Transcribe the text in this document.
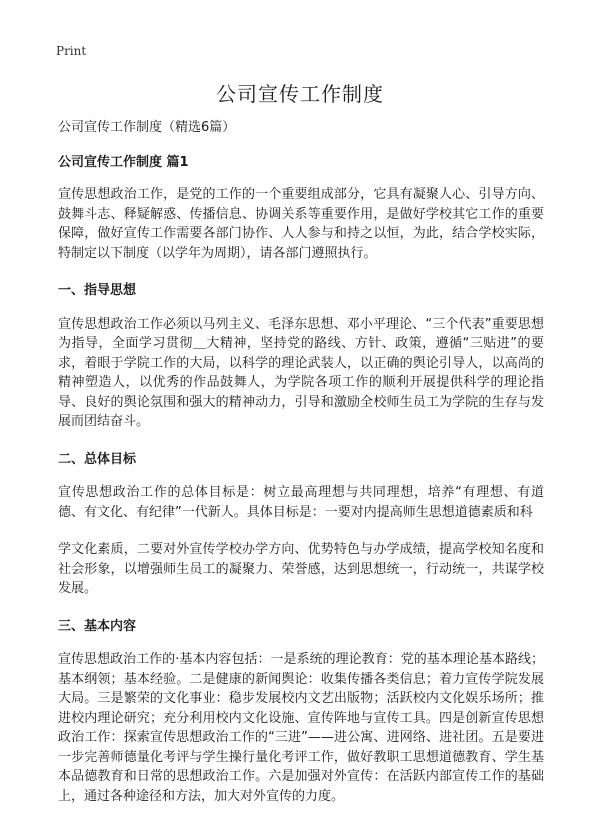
Print
公司宣传工作制度

公司宣传工作制度（精选6篇）

公司宣传工作制度 篇1

宣传思想政治工作，是党的工作的一个重要组成部分，它具有凝聚人心、引导方向、鼓舞斗志、释疑解惑、传播信息、协调关系等重要作用，是做好学校其它工作的重要保障，做好宣传工作需要各部门协作、人人参与和持之以恒，为此，结合学校实际，特制定以下制度（以学年为周期），请各部门遵照执行。

一、指导思想

宣传思想政治工作必须以马列主义、毛泽东思想、邓小平理论、“三个代表”重要思想为指导，全面学习贯彻＿大精神，坚持党的路线、方针、政策，遵循“三贴进”的要求，着眼于学院工作的大局，以科学的理论武装人，以正确的舆论引导人，以高尚的精神塑造人，以优秀的作品鼓舞人，为学院各项工作的顺利开展提供科学的理论指导、良好的舆论氛围和强大的精神动力，引导和激励全校师生员工为学院的生存与发展而团结奋斗。

二、总体目标

宣传思想政治工作的总体目标是：树立最高理想与共同理想，培养“有理想、有道德、有文化、有纪律”一代新人。具体目标是：一要对内提高师生思想道德素质和科

学文化素质，二要对外宣传学校办学方向、优势特色与办学成绩，提高学校知名度和社会形象，以增强师生员工的凝聚力、荣誉感，达到思想统一，行动统一，共谋学校发展。

三、基本内容

宣传思想政治工作的·基本内容包括：一是系统的理论教育：党的基本理论基本路线；基本纲领；基本经验。二是健康的新闻舆论：收集传播各类信息；着力宣传学院发展大局。三是繁荣的文化事业：稳步发展校内文艺出版物；活跃校内文化娱乐场所；推进校内理论研究；充分利用校内文化设施、宣传阵地与宣传工具。四是创新宣传思想政治工作：探索宣传思想政治工作的“三进”——进公寓、进网络、进社团。五是要进一步完善师德量化考评与学生操行量化考评工作，做好教职工思想道德教育、学生基本品德教育和日常的思想政治工作。六是加强对外宣传：在活跃内部宣传工作的基础上，通过各种途径和方法，加大对外宣传的力度。
